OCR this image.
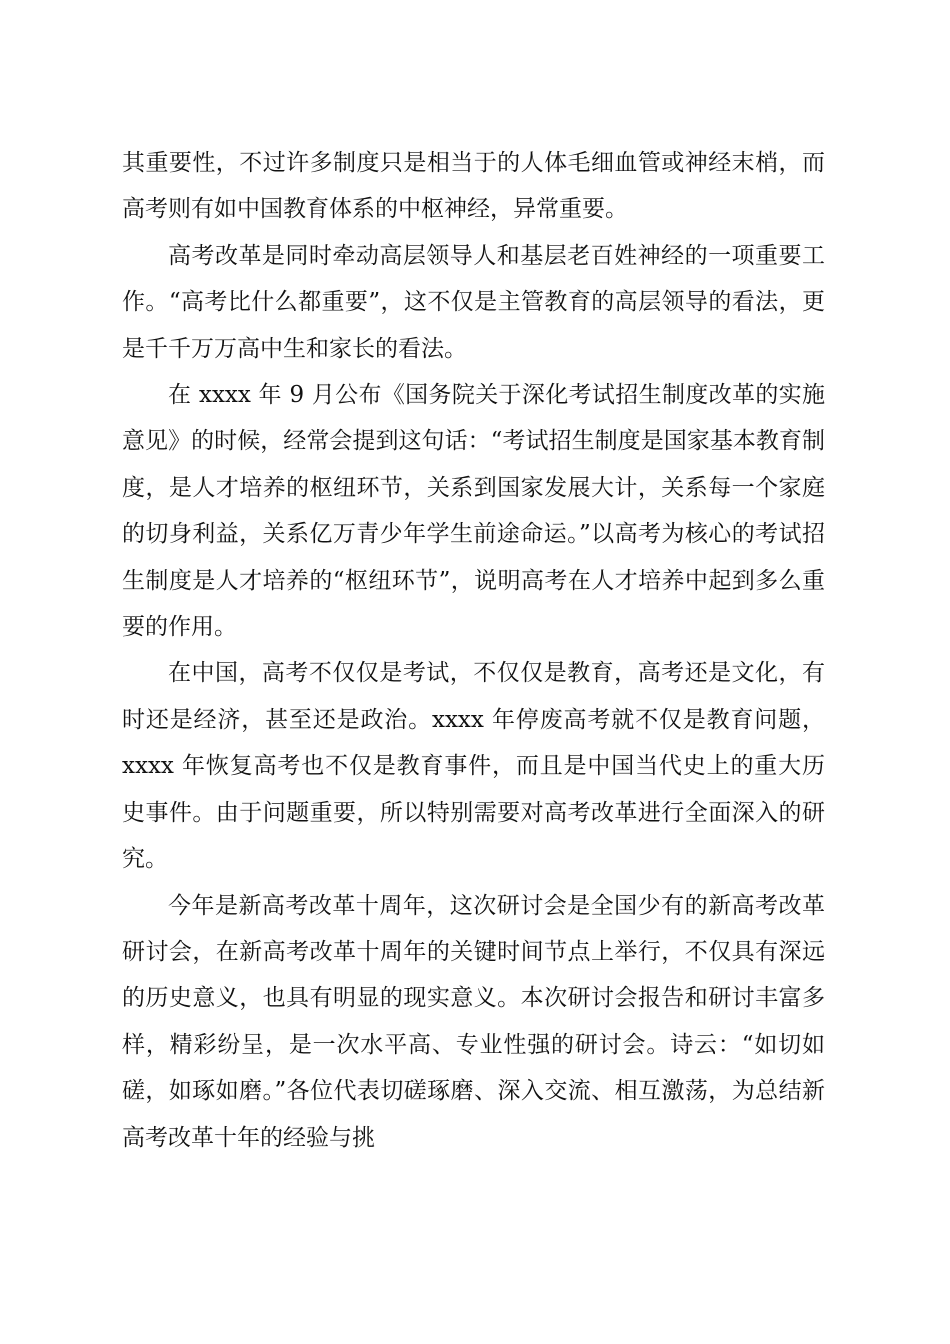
其重要性，不过许多制度只是相当于的人体毛细血管或神经末梢，而高考则有如中国教育体系的中枢神经，异常重要。

高考改革是同时牵动高层领导人和基层老百姓神经的一项重要工作。“高考比什么都重要”，这不仅是主管教育的高层领导的看法，更是千千万万高中生和家长的看法。

在 xxxx 年 9 月公布《国务院关于深化考试招生制度改革的实施意见》的时候，经常会提到这句话：“考试招生制度是国家基本教育制度，是人才培养的枢纽环节，关系到国家发展大计，关系每一个家庭的切身利益，关系亿万青少年学生前途命运。”以高考为核心的考试招生制度是人才培养的“枢纽环节”，说明高考在人才培养中起到多么重要的作用。

在中国，高考不仅仅是考试，不仅仅是教育，高考还是文化，有时还是经济，甚至还是政治。xxxx 年停废高考就不仅是教育问题，xxxx 年恢复高考也不仅是教育事件，而且是中国当代史上的重大历史事件。由于问题重要，所以特别需要对高考改革进行全面深入的研究。

今年是新高考改革十周年，这次研讨会是全国少有的新高考改革研讨会，在新高考改革十周年的关键时间节点上举行，不仅具有深远的历史意义，也具有明显的现实意义。本次研讨会报告和研讨丰富多样，精彩纷呈，是一次水平高、专业性强的研讨会。诗云：“如切如磋，如琢如磨。”各位代表切磋琢磨、深入交流、相互激荡，为总结新高考改革十年的经验与挑
